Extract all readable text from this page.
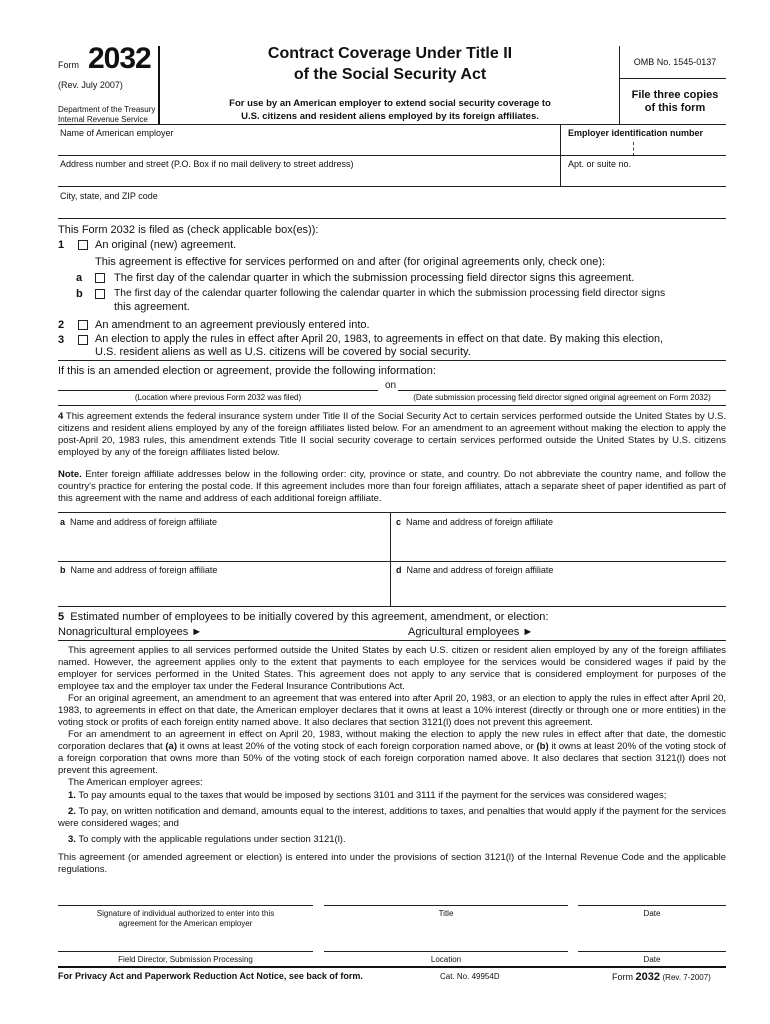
Form 2032
(Rev. July 2007)
Department of the Treasury
Internal Revenue Service
Contract Coverage Under Title II
of the Social Security Act
For use by an American employer to extend social security coverage to
U.S. citizens and resident aliens employed by its foreign affiliates.
OMB No. 1545-0137
File three copies
of this form
Name of American employer	Employer identification number
Address number and street (P.O. Box if no mail delivery to street address)	Apt. or suite no.
City, state, and ZIP code
This Form 2032 is filed as (check applicable box(es)):
1	An original (new) agreement.
This agreement is effective for services performed on and after (for original agreements only, check one):
a	The first day of the calendar quarter in which the submission processing field director signs this agreement.
b	The first day of the calendar quarter following the calendar quarter in which the submission processing field director signs
this agreement.
2	An amendment to an agreement previously entered into.
3	An election to apply the rules in effect after April 20, 1983, to agreements in effect on that date. By making this election,
U.S. resident aliens as well as U.S. citizens will be covered by social security.
If this is an amended election or agreement, provide the following information:
on
(Location where previous Form 2032 was filed)	(Date submission processing field director signed original agreement on Form 2032)
4 This agreement extends the federal insurance system under Title II of the Social Security Act to certain services performed outside the United States by U.S. citizens and resident aliens employed by any of the foreign affiliates listed below. For an amendment to an agreement without making the election to apply the post-April 20, 1983 rules, this amendment extends Title II social security coverage to certain services performed outside the United States by U.S. citizens employed by any of the foreign affiliates listed below.
Note. Enter foreign affiliate addresses below in the following order: city, province or state, and country. Do not abbreviate the country name, and follow the country's practice for entering the postal code. If this agreement includes more than four foreign affiliates, attach a separate sheet of paper identified as part of this agreement with the name and address of each additional foreign affiliate.
a Name and address of foreign affiliate	c Name and address of foreign affiliate
b Name and address of foreign affiliate	d Name and address of foreign affiliate
5 Estimated number of employees to be initially covered by this agreement, amendment, or election:
Nonagricultural employees ►	Agricultural employees ►
This agreement applies to all services performed outside the United States by each U.S. citizen or resident alien employed by any of the foreign affiliates named. However, the agreement applies only to the extent that payments to each employee for the services would be considered wages if paid by the employer for services performed in the United States. This agreement does not apply to any service that is considered employment for purposes of the employee tax and the employer tax under the Federal Insurance Contributions Act.
For an original agreement, an amendment to an agreement that was entered into after April 20, 1983, or an election to apply the rules in effect after April 20, 1983, to agreements in effect on that date, the American employer declares that it owns at least a 10% interest (directly or through one or more entities) in the voting stock or profits of each foreign entity named above. It also declares that section 3121(l) does not prevent this agreement.
For an amendment to an agreement in effect on April 20, 1983, without making the election to apply the new rules in effect after that date, the domestic corporation declares that (a) it owns at least 20% of the voting stock of each foreign corporation named above, or (b) it owns at least 20% of the voting stock of a foreign corporation that owns more than 50% of the voting stock of each foreign corporation named above. It also declares that section 3121(l) does not prevent this agreement.
The American employer agrees:
1. To pay amounts equal to the taxes that would be imposed by sections 3101 and 3111 if the payment for the services was considered wages;
2. To pay, on written notification and demand, amounts equal to the interest, additions to taxes, and penalties that would apply if the payment for the services were considered wages; and
3. To comply with the applicable regulations under section 3121(l).
This agreement (or amended agreement or election) is entered into under the provisions of section 3121(l) of the Internal Revenue Code and the applicable regulations.
Signature of individual authorized to enter into this
agreement for the American employer
Title	Date
Field Director, Submission Processing	Location	Date
For Privacy Act and Paperwork Reduction Act Notice, see back of form.	Cat. No. 49954D	Form 2032 (Rev. 7-2007)
